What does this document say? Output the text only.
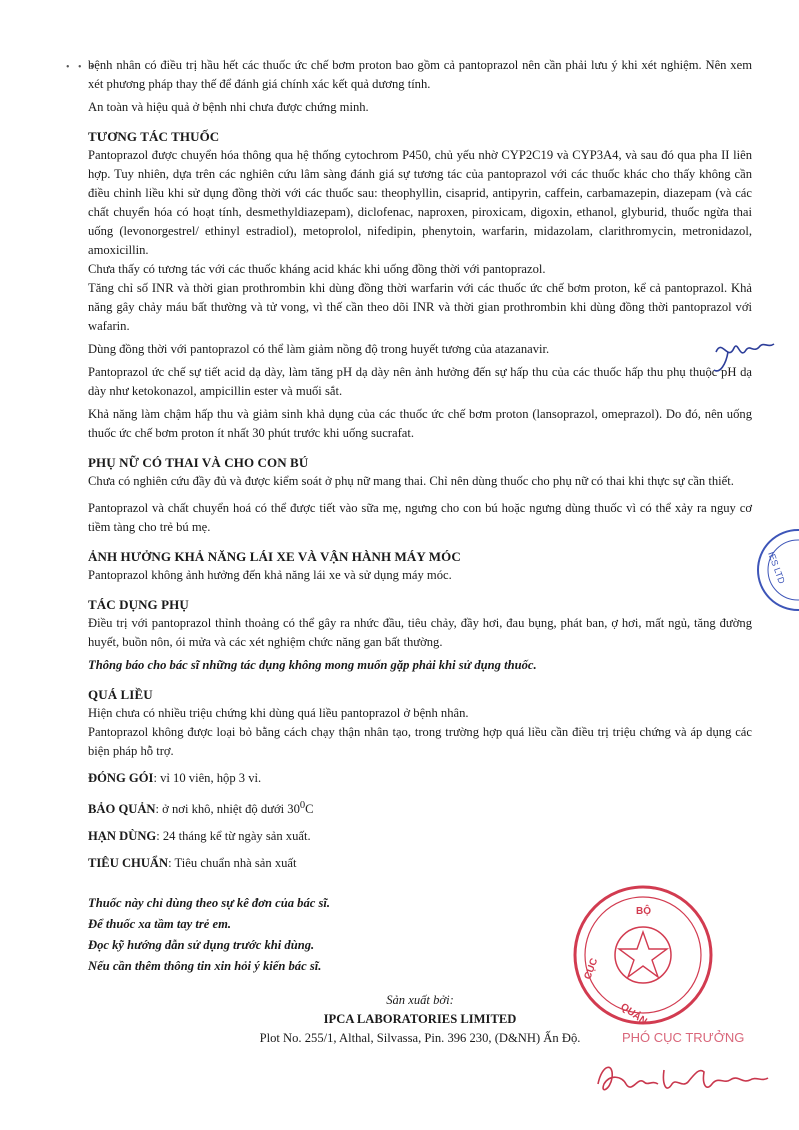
• • •

bệnh nhân có điều trị hầu hết các thuốc ức chế bơm proton bao gồm cả pantoprazol nên cần phải lưu ý khi xét nghiệm. Nên xem xét phương pháp thay thế để đánh giá chính xác kết quả dương tính.

An toàn và hiệu quả ở bệnh nhi chưa được chứng minh.

TƯƠNG TÁC THUỐC

Pantoprazol được chuyển hóa thông qua hệ thống cytochrom P450, chủ yếu nhờ CYP2C19 và CYP3A4, và sau đó qua pha II liên hợp. Tuy nhiên, dựa trên các nghiên cứu lâm sàng đánh giá sự tương tác của pantoprazol với các thuốc khác cho thấy không cần điều chỉnh liều khi sử dụng đồng thời với các thuốc sau: theophyllin, cisaprid, antipyrin, caffein, carbamazepin, diazepam (và các chất chuyển hóa có hoạt tính, desmethyldiazepam), diclofenac, naproxen, piroxicam, digoxin, ethanol, glyburid, thuốc ngừa thai uống (levonorgestrel/ ethinyl estradiol), metoprolol, nifedipin, phenytoin, warfarin, midazolam, clarithromycin, metronidazol, amoxicillin.

Chưa thấy có tương tác với các thuốc kháng acid khác khi uống đồng thời với pantoprazol.

Tăng chỉ số INR và thời gian prothrombin khi dùng đồng thời warfarin với các thuốc ức chế bơm proton, kể cả pantoprazol. Khả năng gây chảy máu bất thường và tử vong, vì thế cần theo dõi INR và thời gian prothrombin khi dùng đồng thời pantoprazol với wafarin.

Dùng đồng thời với pantoprazol có thể làm giảm nồng độ trong huyết tương của atazanavir.

Pantoprazol ức chế sự tiết acid dạ dày, làm tăng pH dạ dày nên ảnh hưởng đến sự hấp thu của các thuốc hấp thu phụ thuộc pH dạ dày như ketokonazol, ampicillin ester và muối sắt.

Khả năng làm chậm hấp thu và giảm sinh khả dụng của các thuốc ức chế bơm proton (lansoprazol, omeprazol). Do đó, nên uống thuốc ức chế bơm proton ít nhất 30 phút trước khi uống sucrafat.

PHỤ NỮ CÓ THAI VÀ CHO CON BÚ

Chưa có nghiên cứu đầy đủ và được kiểm soát ở phụ nữ mang thai. Chỉ nên dùng thuốc cho phụ nữ có thai khi thực sự cần thiết.

Pantoprazol và chất chuyển hoá có thể được tiết vào sữa mẹ, ngưng cho con bú hoặc ngưng dùng thuốc vì có thể xảy ra nguy cơ tiềm tàng cho trẻ bú mẹ.

ẢNH HƯỞNG KHẢ NĂNG LÁI XE VÀ VẬN HÀNH MÁY MÓC

Pantoprazol không ảnh hưởng đến khả năng lái xe và sử dụng máy móc.

TÁC DỤNG PHỤ

Điều trị với pantoprazol thỉnh thoảng có thể gây ra nhức đầu, tiêu chảy, đầy hơi, đau bụng, phát ban, ợ hơi, mất ngủ, tăng đường huyết, buồn nôn, ói mửa và các xét nghiệm chức năng gan bất thường.

Thông báo cho bác sĩ những tác dụng không mong muốn gặp phải khi sử dụng thuốc.

QUÁ LIỀU

Hiện chưa có nhiều triệu chứng khi dùng quá liều pantoprazol ở bệnh nhân.

Pantoprazol không được loại bỏ bằng cách chạy thận nhân tạo, trong trường hợp quá liều cần điều trị triệu chứng và áp dụng các biện pháp hỗ trợ.

ĐÓNG GÓI: vỉ 10 viên, hộp 3 vỉ.

BẢO QUẢN: ở nơi khô, nhiệt độ dưới $30^0C$

HẠN DÙNG: 24 tháng kể từ ngày sản xuất.

TIÊU CHUẨN: Tiêu chuẩn nhà sản xuất

Thuốc này chỉ dùng theo sự kê đơn của bác sĩ.
Để thuốc xa tầm tay trẻ em.
Đọc kỹ hướng dẫn sử dụng trước khi dùng.
Nếu cần thêm thông tin xin hỏi ý kiến bác sĩ.
Sản xuất bởi:
IPCA LABORATORIES LIMITED
Plot No. 255/1, Althal, Silvassa, Pin. 396 230, (D&NH) Ấn Độ.
IES LTD
BỘ
CỤC
QUẢN
PHÓ CỤC TRƯỞNG
